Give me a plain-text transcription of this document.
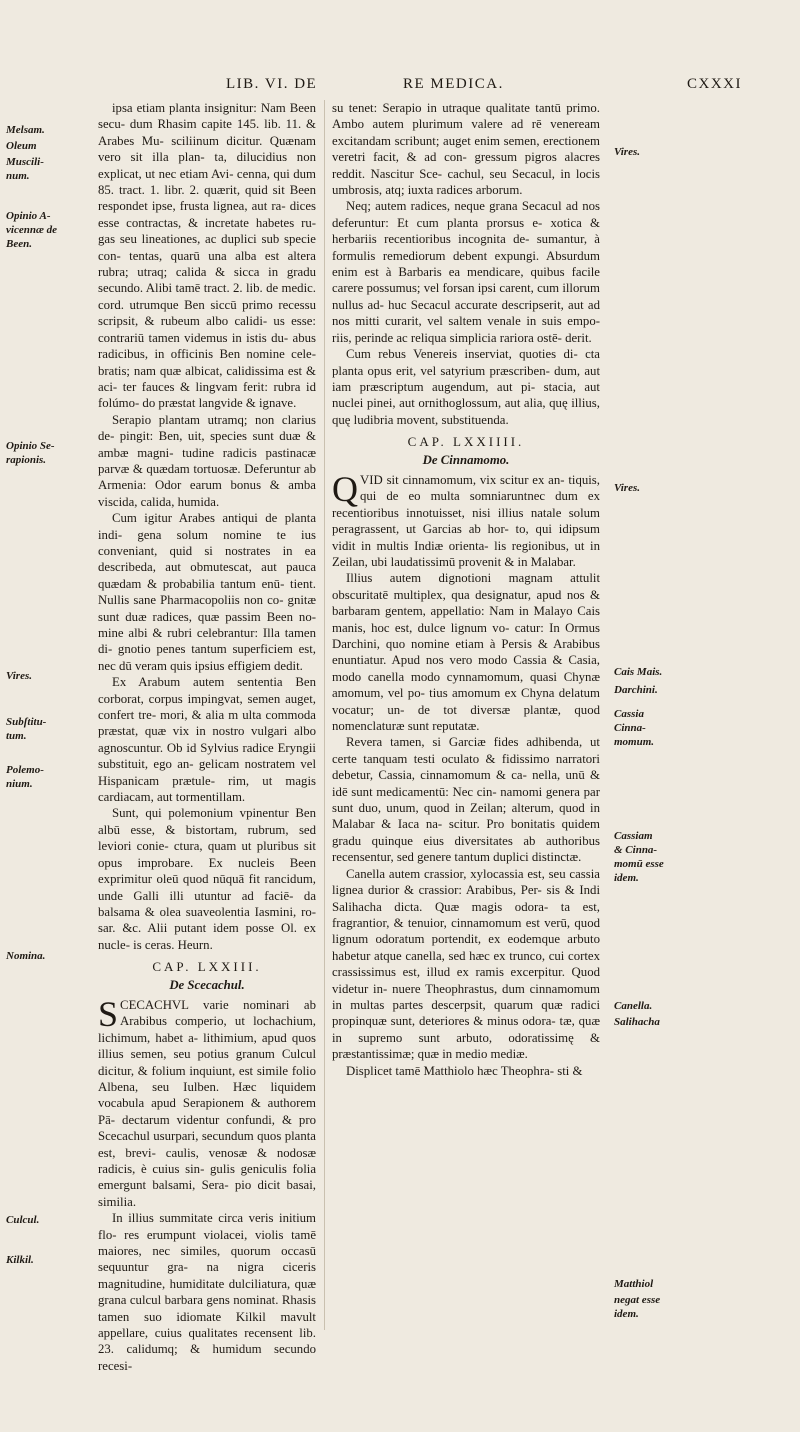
LIB. VI. DE	RE MEDICA.	CXXXI
Melsam.
Oleum
Muscili-
num.
Opinio A-
vicennæ de
Been.
Opinio Se-
rapionis.
Vires.
Subſtitu-
tum.
Polemo-
nium.
Nomina.
Culcul.
Kilkil.
Vires.
Vires.
Cais Mais.
Darchini.
Cassia
Cinna-
momum.
Cassiam
& Cinna-
momū esse
idem.
Canella.
Salihacha
Matthiol
negat esse
idem.

ipsa etiam planta insignitur: Nam Been secu- dum Rhasim capite 145. lib. 11. & Arabes Mu- sciliinum dicitur. Quænam vero sit illa plan- ta, dilucidius non explicat, ut nec etiam Avi- cenna, qui dum 85. tract. 1. libr. 2. quærit, quid sit Been respondet ipse, frusta lignea, aut ra- dices esse contractas, & incretate habetes ru- gas seu lineationes, ac duplici sub specie con- tentas, quarū una alba est altera rubra; utraq; calida & sicca in gradu secundo. Alibi tamē tract. 2. lib. de medic. cord. utrumque Ben siccū primo recessu scripsit, & rubeum albo calidi- us esse: contrariū tamen videmus in istis du- abus radicibus, in officinis Ben nomine cele- bratis; nam quæ albicat, calidissima est & aci- ter fauces & lingvam ferit: rubra id folúmo- do præstat langvide & ignave.

Serapio plantam utramq; non clarius de- pingit: Ben, uit, species sunt duæ & ambæ magni- tudine radicis pastinacæ parvæ & quædam tortuosæ. Deferuntur ab Armenia: Odor earum bonus & amba viscida, calida, humida.

Cum igitur Arabes antiqui de planta indi- gena solum nomine te ius conveniant, quid si nostrates in ea describeda, aut obmutescat, aut pauca quædam & probabilia tantum enū- tient. Nullis sane Pharmacopoliis non co- gnitæ sunt duæ radices, quæ passim Been no- mine albi & rubri celebrantur: Illa tamen di- gnotio penes tantum superficiem est, nec dū veram quis ipsius effigiem dedit.

Ex Arabum autem sententia Ben corborat, corpus impingvat, semen auget, confert tre- mori, & alia m ulta commoda præstat, quæ vix in nostro vulgari albo agnoscuntur. Ob id Sylvius radice Eryngii substituit, ego an- gelicam nostratem vel Hispanicam prætule- rim, ut magis cardiacam, aut tormentillam.

Sunt, qui polemonium vpinentur Ben albū esse, & bistortam, rubrum, sed leviori conie- ctura, quam ut pluribus sit opus improbare. Ex nucleis Been exprimitur oleū quod nūquā fit rancidum, unde Galli illi utuntur ad faciē- da balsama & olea suaveolentia Iasmini, ro- sar. &c. Alii putant idem posse Ol. ex nucle- is ceras. Heurn.

CAP. LXXIII.
De Scecachul.

SCECACHVL varie nominari ab Arabibus comperio, ut lochachium, lichimum, habet a- lithimium, apud quos illius semen, seu potius granum Culcul dicitur, & folium inquiunt, est simile folio Albena, seu Iulben. Hæc liquidem vocabula apud Serapionem & authorem Pā- dectarum videntur confundi, & pro Scecachul usurpari, secundum quos planta est, brevi- caulis, venosæ & nodosæ radicis, è cuius sin- gulis geniculis folia emergunt balsami, Sera- pio dicit basai, similia.

In illius summitate circa veris initium flo- res erumpunt violacei, violis tamē maiores, nec similes, quorum occasū sequuntur gra- na nigra ciceris magnitudine, humiditate dulciliatura, quæ grana culcul barbara gens nominat. Rhasis tamen suo idiomate Kilkil mavult appellare, cuius qualitates recensent lib. 23. calidumq; & humidum secundo recesi-

su tenet: Serapio in utraque qualitate tantū primo. Ambo autem plurimum valere ad rē veneream excitandam scribunt; auget enim semen, erectionem veretri facit, & ad con- gressum pigros alacres reddit. Nascitur Sce- cachul, seu Secacul, in locis umbrosis, atq; iuxta radices arborum.

Neq; autem radices, neque grana Secacul ad nos deferuntur: Et cum planta prorsus e- xotica & herbariis recentioribus incognita de- sumantur, à formulis remediorum debent expungi. Absurdum enim est à Barbaris ea mendicare, quibus facile carere possumus; vel forsan ipsi carent, cum illorum nullus ad- huc Secacul accurate descripserit, aut ad nos mitti curarit, vel saltem venale in suis empo- riis, perinde ac reliqua simplicia rariora ostē- derit.

Cum rebus Venereis inserviat, quoties di- cta planta opus erit, vel satyrium præscriben- dum, aut iam præscriptum augendum, aut pi- stacia, aut nuclei pinei, aut ornithoglossum, aut alia, quę illius, quę ludibria movent, substituenda.

CAP. LXXIIII.
De Cinnamomo.

QVID sit cinnamomum, vix scitur ex an- tiquis, qui de eo multa somniaruntnec dum ex recentioribus innotuisset, nisi illius natale solum peragrassent, ut Garcias ab hor- to, qui idipsum vidit in multis Indiæ orienta- lis regionibus, ut in Zeilan, ubi laudatissimū provenit & in Malabar.

Illius autem dignotioni magnam attulit obscuritatē multiplex, qua designatur, apud nos & barbaram gentem, appellatio: Nam in Malayo Cais manis, hoc est, dulce lignum vo- catur: In Ormus Darchini, quo nomine etiam à Persis & Arabibus enuntiatur. Apud nos vero modo Cassia & Casia, modo canella modo cynnamomum, quasi Chynæ amomum, vel po- tius amomum ex Chyna delatum vocatur; un- de tot diversæ plantæ, quod nomenclaturæ sunt reputatæ.

Revera tamen, si Garciæ fides adhibenda, ut certe tanquam testi oculato & fidissimo narratori debetur, Cassia, cinnamomum & ca- nella, unū & idē sunt medicamentū: Nec cin- namomi genera par sunt duo, unum, quod in Zeilan; alterum, quod in Malabar & Iaca na- scitur. Pro bonitatis quidem gradu quinque eius diversitates ab authoribus recensentur, sed genere tantum duplici distinctæ.

Canella autem crassior, xylocassia est, seu cassia lignea durior & crassior: Arabibus, Per- sis & Indi Salihacha dicta. Quæ magis odora- ta est, fragrantior, & tenuior, cinnamomum est verū, quod lignum odoratum portendit, ex eodemque arbuto habetur atque canella, sed hæc ex trunco, cui cortex crassissimus est, illud ex ramis excerpitur. Quod videtur in- nuere Theophrastus, dum cinnamomum in multas partes descerpsit, quarum quæ radici propinquæ sunt, deteriores & minus odora- tæ, quæ in supremo sunt arbuto, odoratissimę & præstantissimæ; quæ in medio mediæ.

Displicet tamē Matthiolo hæc Theophra- sti &
